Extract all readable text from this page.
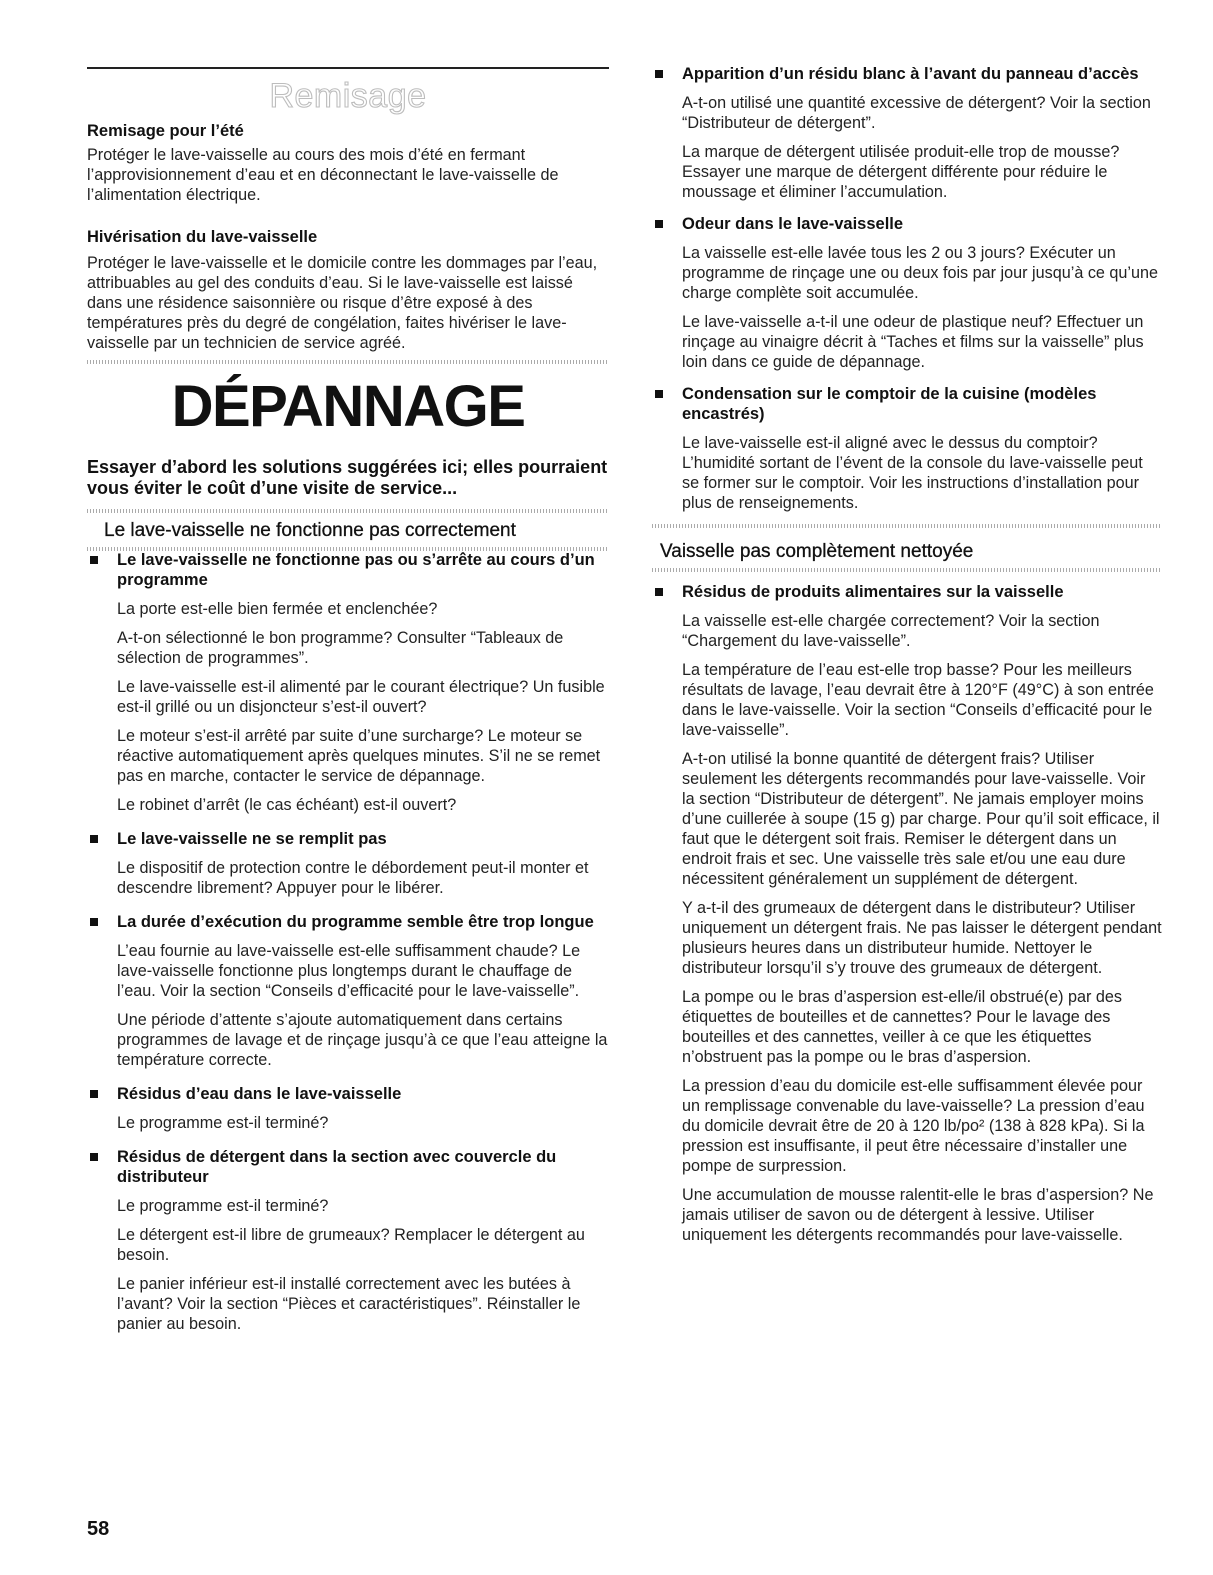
Remisage
Remisage pour l’été

Protéger le lave-vaisselle au cours des mois d’été en fermant l’approvisionnement d’eau et en déconnectant le lave-vaisselle de l’alimentation électrique.

Hivérisation du lave-vaisselle

Protéger le lave-vaisselle et le domicile contre les dommages par l’eau, attribuables au gel des conduits d’eau. Si le lave-vaisselle est laissé dans une résidence saisonnière ou risque d’être exposé à des températures près du degré de congélation, faites hivériser le lave-vaisselle par un technicien de service agréé.

DÉPANNAGE

Essayer d’abord les solutions suggérées ici; elles pourraient vous éviter le coût d’une visite de service...

Le lave-vaisselle ne fonctionne pas correctement
Le lave-vaisselle ne fonctionne pas ou s’arrête au cours d’un programme

La porte est-elle bien fermée et enclenchée?

A-t-on sélectionné le bon programme? Consulter “Tableaux de sélection de programmes”.

Le lave-vaisselle est-il alimenté par le courant électrique? Un fusible est-il grillé ou un disjoncteur s’est-il ouvert?

Le moteur s’est-il arrêté par suite d’une surcharge? Le moteur se réactive automatiquement après quelques minutes. S’il ne se remet pas en marche, contacter le service de dépannage.

Le robinet d’arrêt (le cas échéant) est-il ouvert?

Le lave-vaisselle ne se remplit pas

Le dispositif de protection contre le débordement peut-il monter et descendre librement? Appuyer pour le libérer.

La durée d’exécution du programme semble être trop longue

L’eau fournie au lave-vaisselle est-elle suffisamment chaude? Le lave-vaisselle fonctionne plus longtemps durant le chauffage de l’eau. Voir la section “Conseils d’efficacité pour le lave-vaisselle”.

Une période d’attente s’ajoute automatiquement dans certains programmes de lavage et de rinçage jusqu’à ce que l’eau atteigne la température correcte.

Résidus d’eau dans le lave-vaisselle

Le programme est-il terminé?

Résidus de détergent dans la section avec couvercle du distributeur

Le programme est-il terminé?

Le détergent est-il libre de grumeaux? Remplacer le détergent au besoin.

Le panier inférieur est-il installé correctement avec les butées à l’avant? Voir la section “Pièces et caractéristiques”. Réinstaller le panier au besoin.

Apparition d’un résidu blanc à l’avant du panneau d’accès

A-t-on utilisé une quantité excessive de détergent? Voir la section “Distributeur de détergent”.

La marque de détergent utilisée produit-elle trop de mousse? Essayer une marque de détergent différente pour réduire le moussage et éliminer l’accumulation.

Odeur dans le lave-vaisselle

La vaisselle est-elle lavée tous les 2 ou 3 jours? Exécuter un programme de rinçage une ou deux fois par jour jusqu’à ce qu’une charge complète soit accumulée.

Le lave-vaisselle a-t-il une odeur de plastique neuf? Effectuer un rinçage au vinaigre décrit à “Taches et films sur la vaisselle” plus loin dans ce guide de dépannage.

Condensation sur le comptoir de la cuisine (modèles encastrés)

Le lave-vaisselle est-il aligné avec le dessus du comptoir? L’humidité sortant de l’évent de la console du lave-vaisselle peut se former sur le comptoir. Voir les instructions d’installation pour plus de renseignements.

Vaisselle pas complètement nettoyée
Résidus de produits alimentaires sur la vaisselle

La vaisselle est-elle chargée correctement? Voir la section “Chargement du lave-vaisselle”.

La température de l’eau est-elle trop basse? Pour les meilleurs résultats de lavage, l’eau devrait être à 120°F (49°C) à son entrée dans le lave-vaisselle. Voir la section “Conseils d’efficacité pour le lave-vaisselle”.

A-t-on utilisé la bonne quantité de détergent frais? Utiliser seulement les détergents recommandés pour lave-vaisselle. Voir la section “Distributeur de détergent”. Ne jamais employer moins d’une cuillerée à soupe (15 g) par charge. Pour qu’il soit efficace, il faut que le détergent soit frais. Remiser le détergent dans un endroit frais et sec. Une vaisselle très sale et/ou une eau dure nécessitent généralement un supplément de détergent.

Y a-t-il des grumeaux de détergent dans le distributeur? Utiliser uniquement un détergent frais. Ne pas laisser le détergent pendant plusieurs heures dans un distributeur humide. Nettoyer le distributeur lorsqu’il s’y trouve des grumeaux de détergent.

La pompe ou le bras d’aspersion est-elle/il obstrué(e) par des étiquettes de bouteilles et de cannettes? Pour le lavage des bouteilles et des cannettes, veiller à ce que les étiquettes n’obstruent pas la pompe ou le bras d’aspersion.

La pression d’eau du domicile est-elle suffisamment élevée pour un remplissage convenable du lave-vaisselle? La pression d’eau du domicile devrait être de 20 à 120 lb/po² (138 à 828 kPa). Si la pression est insuffisante, il peut être nécessaire d’installer une pompe de surpression.

Une accumulation de mousse ralentit-elle le bras d’aspersion? Ne jamais utiliser de savon ou de détergent à lessive. Utiliser uniquement les détergents recommandés pour lave-vaisselle.

58
